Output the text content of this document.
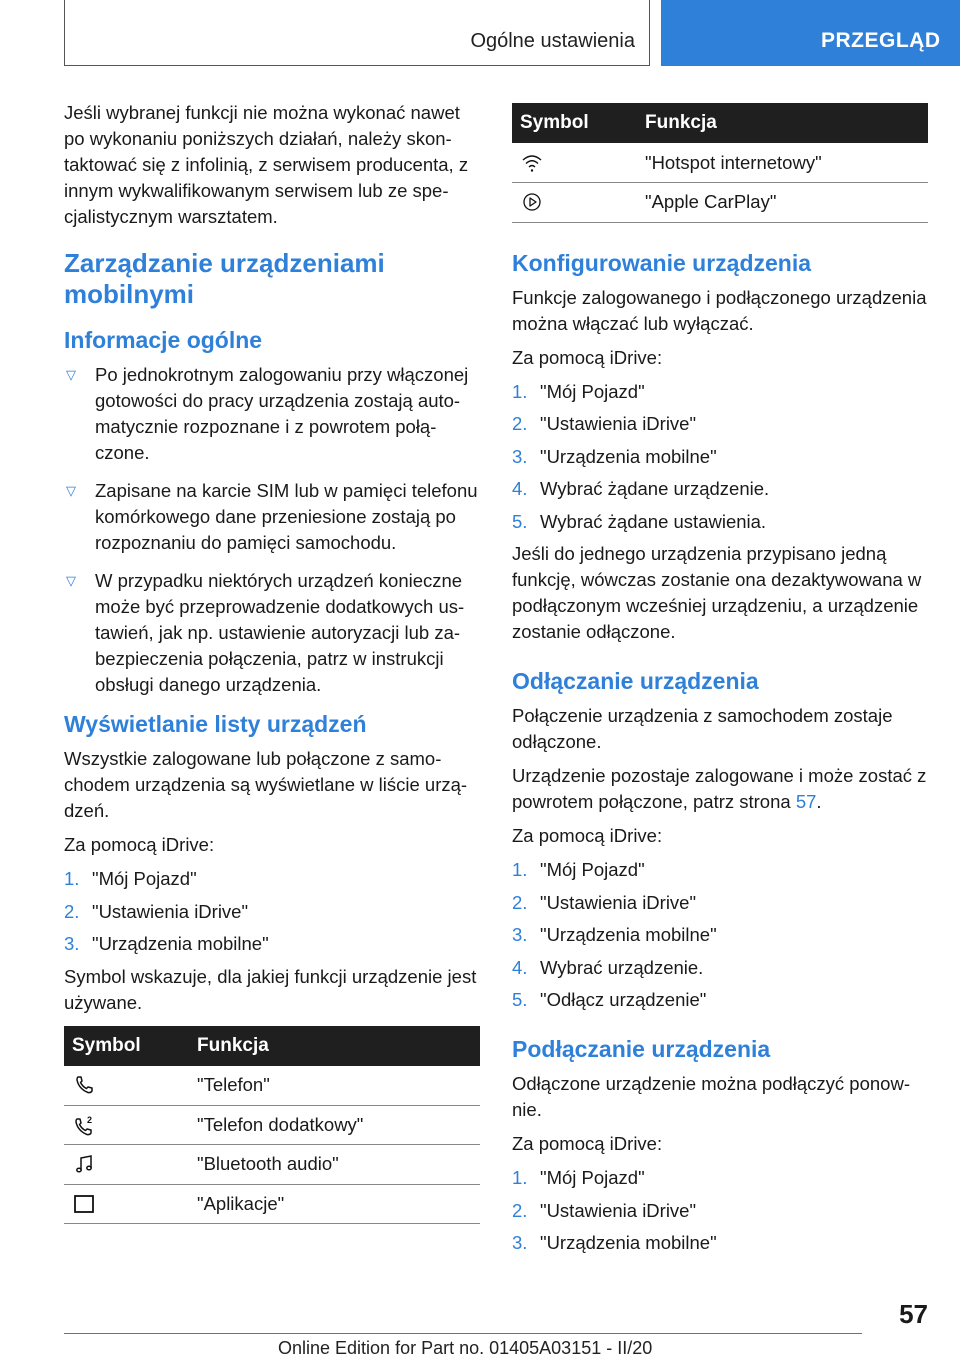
Ogólne ustawienia	PRZEGLĄD

Jeśli wybranej funkcji nie można wykonać nawet po wykonaniu poniższych działań, należy skontaktować się z infolinią, z serwisem producenta, z innym wykwalifikowanym serwisem lub ze specjalistycznym warsztatem.

Zarządzanie urządzeniami mobilnymi
Informacje ogólne
▽ Po jednokrotnym zalogowaniu przy włączonej gotowości do pracy urządzenia zostają automatycznie rozpoznane i z powrotem połączone.
▽ Zapisane na karcie SIM lub w pamięci telefonu komórkowego dane przeniesione zostają po rozpoznaniu do pamięci samochodu.
▽ W przypadku niektórych urządzeń konieczne może być przeprowadzenie dodatkowych ustawień, jak np. ustawienie autoryzacji lub zabezpieczenia połączenia, patrz w instrukcji obsługi danego urządzenia.
Wyświetlanie listy urządzeń

Wszystkie zalogowane lub połączone z samochodem urządzenia są wyświetlane w liście urządzeń.

Za pomocą iDrive:

1. "Mój Pojazd"
2. "Ustawienia iDrive"
3. "Urządzenia mobilne"

Symbol wskazuje, dla jakiej funkcji urządzenie jest używane.

Symbol	Funkcja
	"Telefon"

2	"Telefon dodatkowy"
	"Bluetooth audio"
	"Aplikacje"
Symbol	Funkcja
	"Hotspot internetowy"
	"Apple CarPlay"
Konfigurowanie urządzenia

Funkcje zalogowanego i podłączonego urządzenia można włączać lub wyłączać.

Za pomocą iDrive:

1. "Mój Pojazd"
2. "Ustawienia iDrive"
3. "Urządzenia mobilne"
4. Wybrać żądane urządzenie.
5. Wybrać żądane ustawienia.

Jeśli do jednego urządzenia przypisano jedną funkcję, wówczas zostanie ona dezaktywowana w podłączonym wcześniej urządzeniu, a urządzenie zostanie odłączone.

Odłączanie urządzenia

Połączenie urządzenia z samochodem zostaje odłączone.

Urządzenie pozostaje zalogowane i może zostać z powrotem połączone, patrz strona 57.

Za pomocą iDrive:

1. "Mój Pojazd"
2. "Ustawienia iDrive"
3. "Urządzenia mobilne"
4. Wybrać urządzenie.
5. "Odłącz urządzenie"
Podłączanie urządzenia

Odłączone urządzenie można podłączyć ponownie.

Za pomocą iDrive:

1. "Mój Pojazd"
2. "Ustawienia iDrive"
3. "Urządzenia mobilne"
57
Online Edition for Part no. 01405A03151 - II/20
